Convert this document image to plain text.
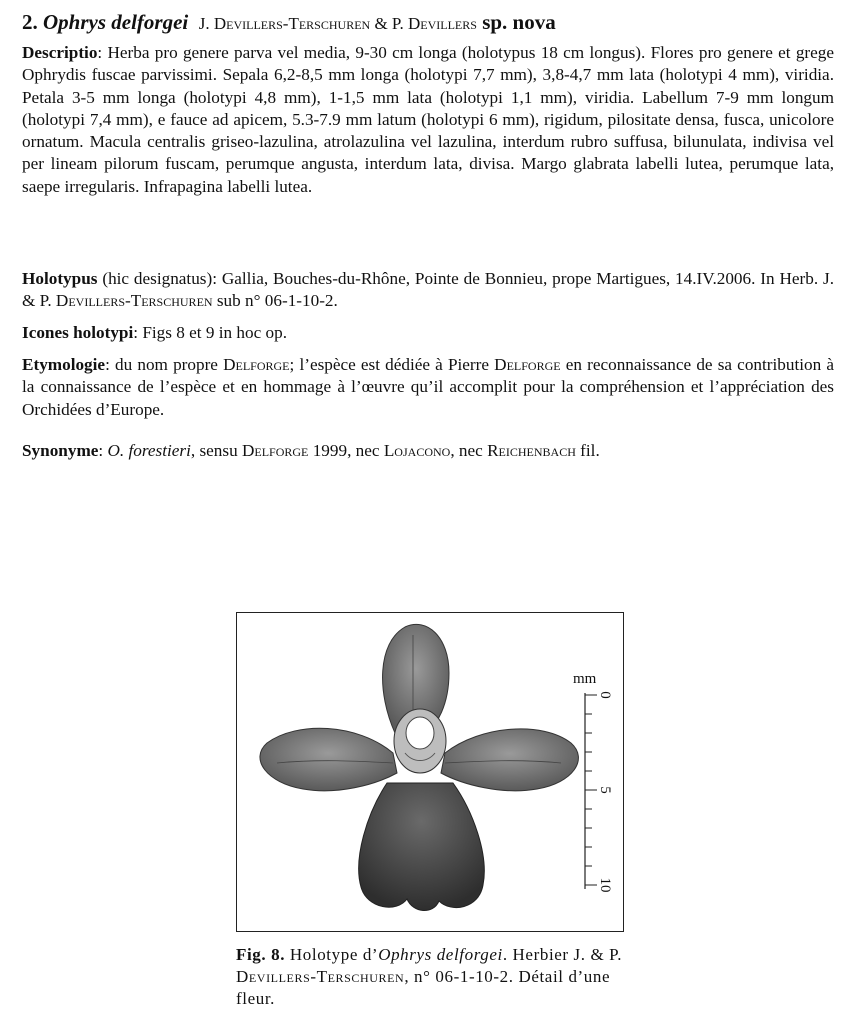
2. Ophrys delforgei J. Devillers-Terschuren & P. Devillers sp. nova
Descriptio: Herba pro genere parva vel media, 9-30 cm longa (holotypus 18 cm longus). Flores pro genere et grege Ophrydis fuscae parvissimi. Sepala 6,2-8,5 mm longa (holotypi 7,7 mm), 3,8-4,7 mm lata (holotypi 4 mm), viridia. Petala 3-5 mm longa (holotypi 4,8 mm), 1-1,5 mm lata (holotypi 1,1 mm), viridia. Labellum 7-9 mm longum (holotypi 7,4 mm), e fauce ad apicem, 5.3-7.9 mm latum (holotypi 6 mm), rigidum, pilositate densa, fusca, unicolore ornatum. Macula centralis griseo-lazulina, atrolazulina vel lazulina, interdum rubro suffusa, bilunulata, indivisa vel per lineam pilorum fuscam, perumque angusta, interdum lata, divisa. Margo glabrata labelli lutea, perumque lata, saepe irregularis. Infrapagina labelli lutea.
Holotypus (hic designatus): Gallia, Bouches-du-Rhône, Pointe de Bonnieu, prope Martigues, 14.IV.2006. In Herb. J. & P. Devillers-Terschuren sub n° 06-1-10-2.
Icones holotypi: Figs 8 et 9 in hoc op.
Etymologie: du nom propre Delforge; l’espèce est dédiée à Pierre Delforge en reconnaissance de sa contribution à la connaissance de l’espèce et en hommage à l’œuvre qu’il accomplit pour la compréhension et l’appréciation des Orchidées d’Europe.
Synonyme: O. forestieri, sensu Delforge 1999, nec Lojacono, nec Reichenbach fil.
mm
0
5
10
Fig. 8. Holotype d’Ophrys delforgei. Herbier J. & P. Devillers-Terschuren, n° 06-1-10-2. Détail d’une fleur.
